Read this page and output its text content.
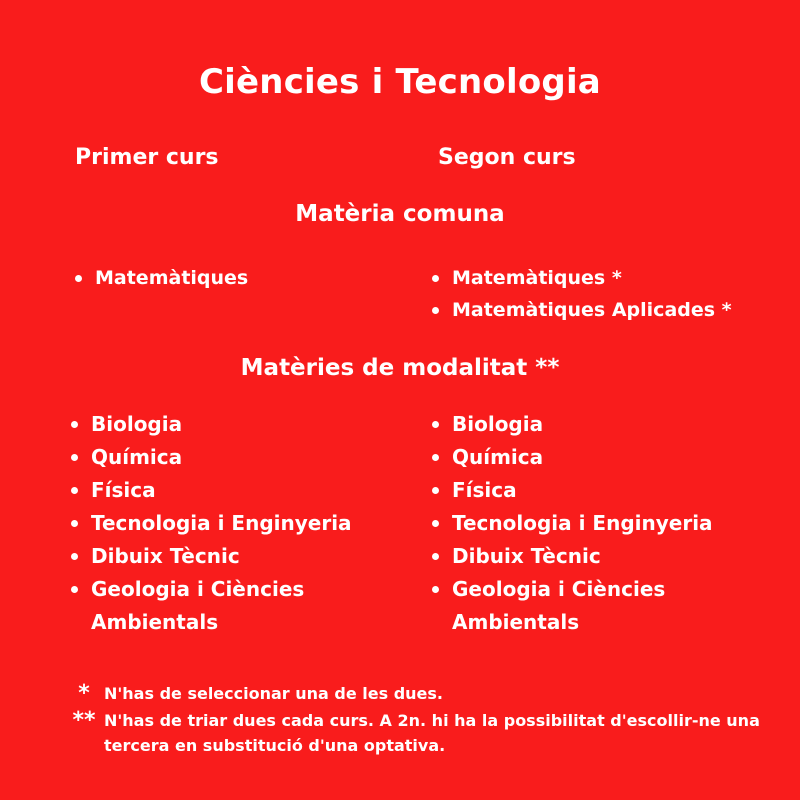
Ciències i Tecnologia
Primer curs	Segon curs
Matèria comuna
Matemàtiques	Matemàtiques *
Matemàtiques Aplicades *
Matèries de modalitat **
Biologia
Química
Física
Tecnologia i Enginyeria
Dibuix Tècnic
Geologia i Ciències Ambientals
Biologia
Química
Física
Tecnologia i Enginyeria
Dibuix Tècnic
Geologia i Ciències Ambientals
* N'has de seleccionar una de les dues.
** N'has de triar dues cada curs. A 2n. hi ha la possibilitat d'escollir-ne una tercera en substitució d'una optativa.
